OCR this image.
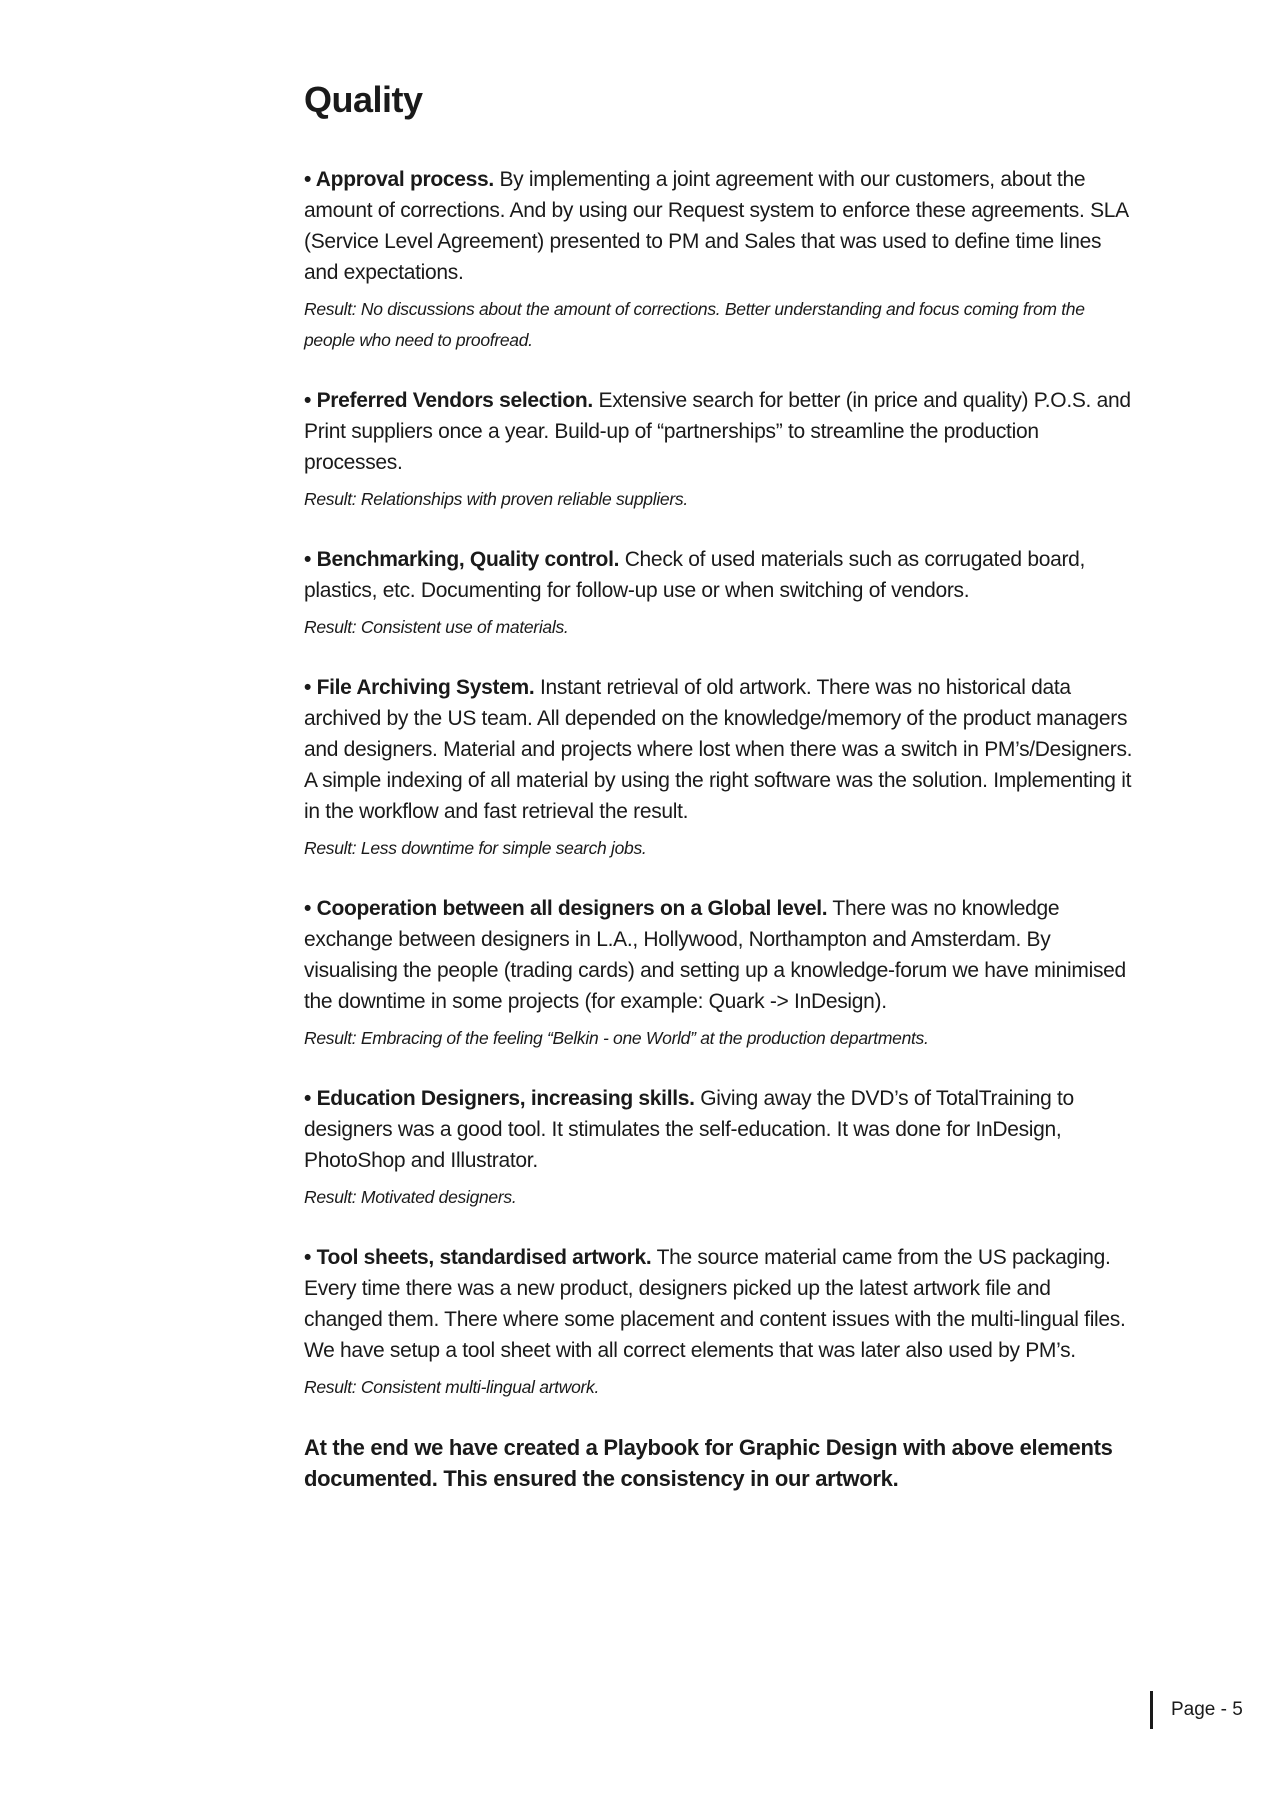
Quality

• Approval process. By implementing a joint agreement with our customers, about the amount of corrections. And by using our Request system to enforce these agreements. SLA (Service Level Agreement) presented to PM and Sales that was used to define time lines and expectations.

Result: No discussions about the amount of corrections. Better understanding and focus coming from the people who need to proofread.

• Preferred Vendors selection. Extensive search for better (in price and quality) P.O.S. and Print suppliers once a year. Build-up of “partnerships” to streamline the production processes.

Result: Relationships with proven reliable suppliers.

• Benchmarking, Quality control. Check of used materials such as corrugated board, plastics, etc. Documenting for follow-up use or when switching of vendors.

Result: Consistent use of materials.

• File Archiving System. Instant retrieval of old artwork. There was no historical data archived by the US team. All depended on the knowledge/memory of the product managers and designers. Material and projects where lost when there was a switch in PM’s/Designers. A simple indexing of all material by using the right software was the solution. Implementing it in the workflow and fast retrieval the result.

Result: Less downtime for simple search jobs.

• Cooperation between all designers on a Global level. There was no knowledge exchange between designers in L.A., Hollywood, Northampton and Amsterdam. By visualising the people (trading cards) and setting up a knowledge-forum we have minimised the downtime in some projects (for example: Quark -> InDesign).

Result: Embracing of the feeling “Belkin - one World” at the production departments.

• Education Designers, increasing skills. Giving away the DVD’s of TotalTraining to designers was a good tool. It stimulates the self-education. It was done for InDesign, PhotoShop and Illustrator.

Result: Motivated designers.

• Tool sheets, standardised artwork. The source material came from the US packaging. Every time there was a new product, designers picked up the latest artwork file and changed them. There where some placement and content issues with the multi-lingual files. We have setup a tool sheet with all correct elements that was later also used by PM’s.

Result: Consistent multi-lingual artwork.

At the end we have created a Playbook for Graphic Design with above elements documented. This ensured the consistency in our artwork.

Page - 5
